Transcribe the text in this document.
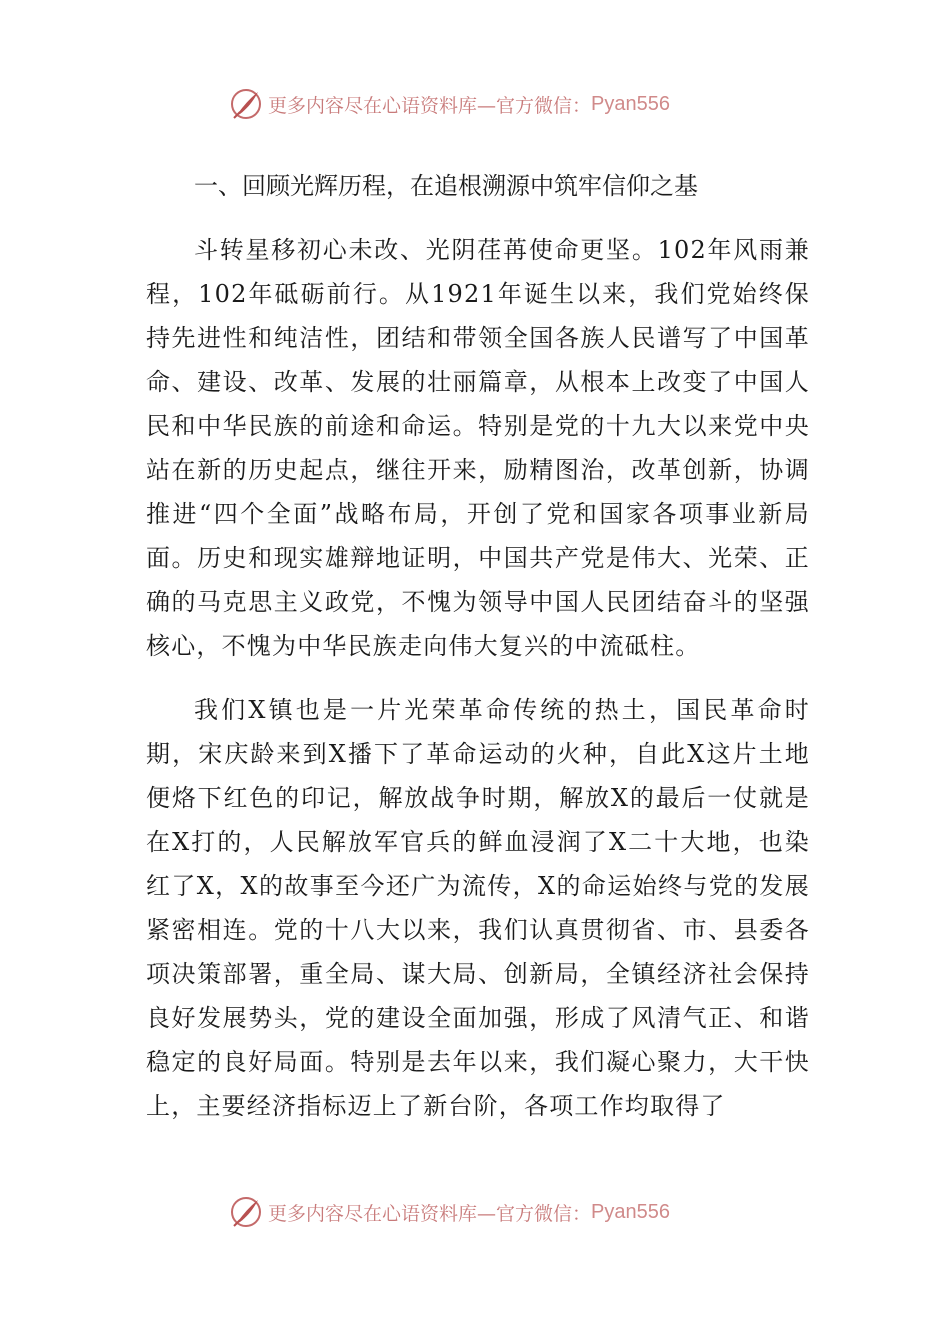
更多内容尽在心语资料库—官方微信： Pyan556
一、回顾光辉历程，在追根溯源中筑牢信仰之基

斗转星移初心未改、光阴荏苒使命更坚。102年风雨兼程，102年砥砺前行。从1921年诞生以来，我们党始终保持先进性和纯洁性，团结和带领全国各族人民谱写了中国革命、建设、改革、发展的壮丽篇章，从根本上改变了中国人民和中华民族的前途和命运。特别是党的十九大以来党中央站在新的历史起点，继往开来，励精图治，改革创新，协调推进“四个全面”战略布局，开创了党和国家各项事业新局面。历史和现实雄辩地证明，中国共产党是伟大、光荣、正确的马克思主义政党，不愧为领导中国人民团结奋斗的坚强核心，不愧为中华民族走向伟大复兴的中流砥柱。

我们X镇也是一片光荣革命传统的热土，国民革命时期，宋庆龄来到X播下了革命运动的火种，自此X这片土地便烙下红色的印记，解放战争时期，解放X的最后一仗就是在X打的，人民解放军官兵的鲜血浸润了X二十大地，也染红了X，X的故事至今还广为流传，X的命运始终与党的发展紧密相连。党的十八大以来，我们认真贯彻省、市、县委各项决策部署，重全局、谋大局、创新局，全镇经济社会保持良好发展势头，党的建设全面加强，形成了风清气正、和谐稳定的良好局面。特别是去年以来，我们凝心聚力，大干快上，主要经济指标迈上了新台阶，各项工作均取得了

更多内容尽在心语资料库—官方微信： Pyan556
